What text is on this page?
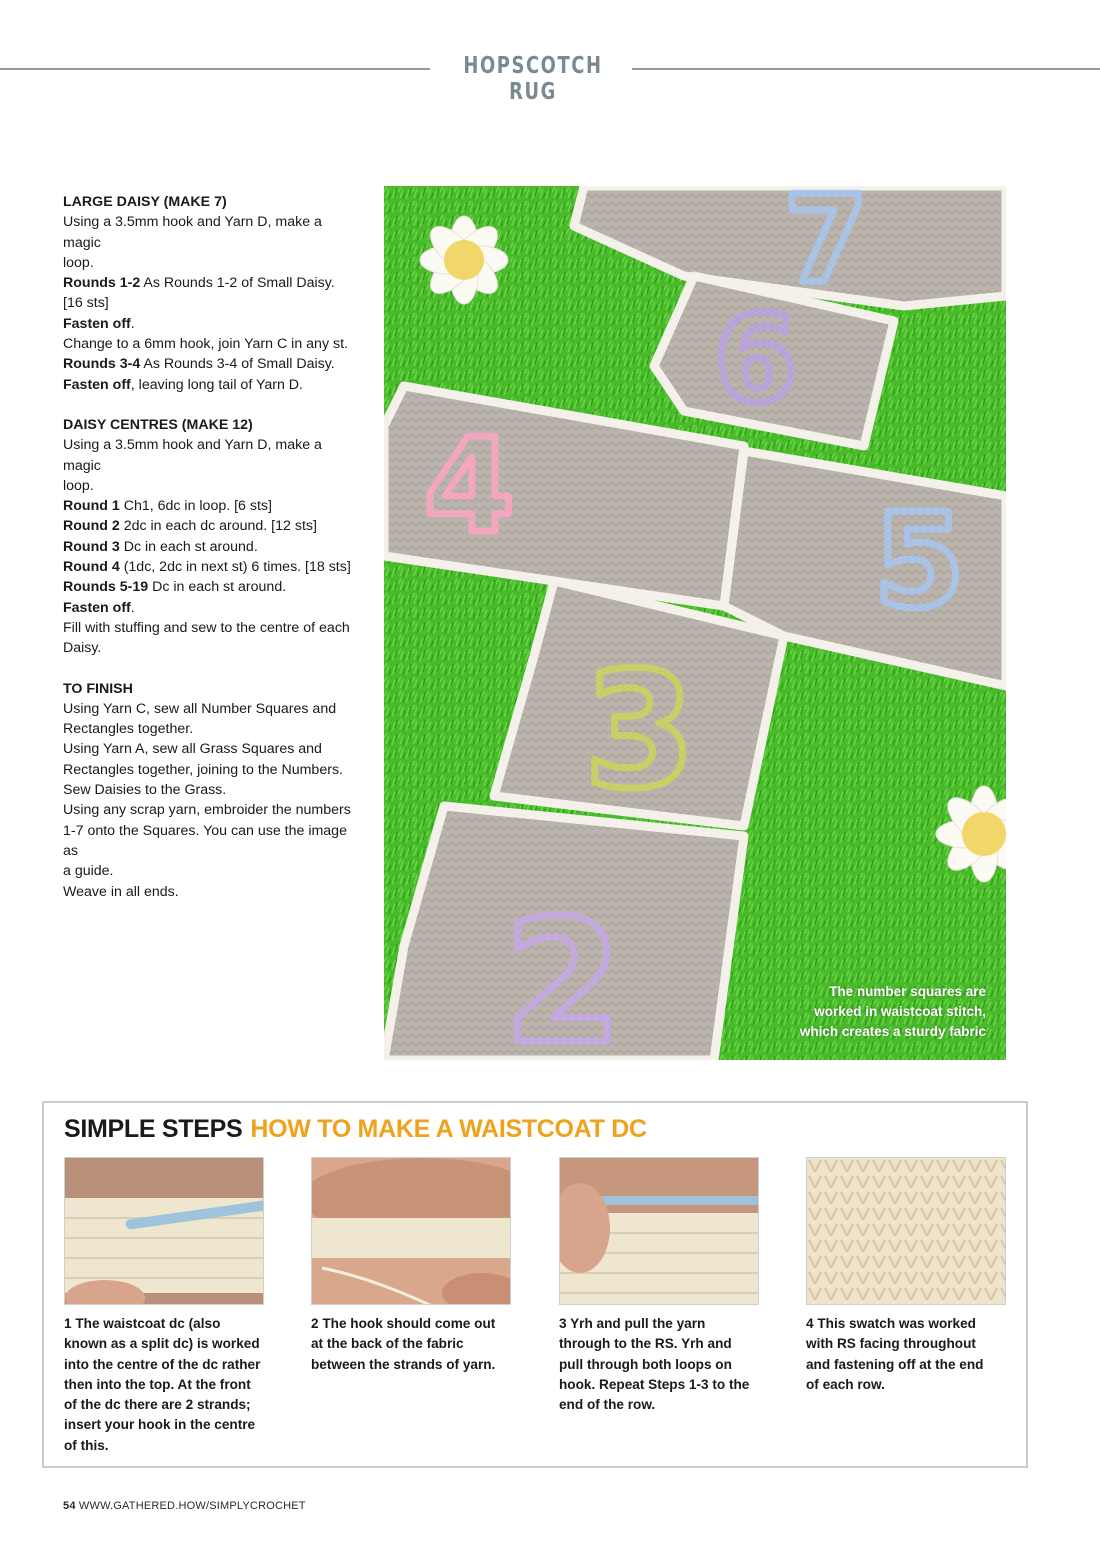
HOPSCOTCH RUG
LARGE DAISY (MAKE 7)
Using a 3.5mm hook and Yarn D, make a magic
loop.
Rounds 1-2 As Rounds 1-2 of Small Daisy.
[16 sts]
Fasten off.
Change to a 6mm hook, join Yarn C in any st.
Rounds 3-4 As Rounds 3-4 of Small Daisy.
Fasten off, leaving long tail of Yarn D.
DAISY CENTRES (MAKE 12)
Using a 3.5mm hook and Yarn D, make a magic
loop.
Round 1 Ch1, 6dc in loop. [6 sts]
Round 2 2dc in each dc around. [12 sts]
Round 3 Dc in each st around.
Round 4 (1dc, 2dc in next st) 6 times. [18 sts]
Rounds 5-19 Dc in each st around.
Fasten off.
Fill with stuffing and sew to the centre of each
Daisy.
TO FINISH
Using Yarn C, sew all Number Squares and
Rectangles together.
Using Yarn A, sew all Grass Squares and
Rectangles together, joining to the Numbers.
Sew Daisies to the Grass.
Using any scrap yarn, embroider the numbers
1-7 onto the Squares. You can use the image as
a guide.
Weave in all ends.
7
6
4	5
3
2	The number squares are
worked in waistcoat stitch,
which creates a sturdy fabric
SIMPLE STEPS HOW TO MAKE A WAISTCOAT DC
1 The waistcoat dc (also
known as a split dc) is worked
into the centre of the dc rather
then into the top. At the front
of the dc there are 2 strands;
insert your hook in the centre
of this.
2 The hook should come out
at the back of the fabric
between the strands of yarn.
3 Yrh and pull the yarn
through to the RS. Yrh and
pull through both loops on
hook. Repeat Steps 1-3 to the
end of the row.
4 This swatch was worked
with RS facing throughout
and fastening off at the end
of each row.
54 WWW.GATHERED.HOW/SIMPLYCROCHET
